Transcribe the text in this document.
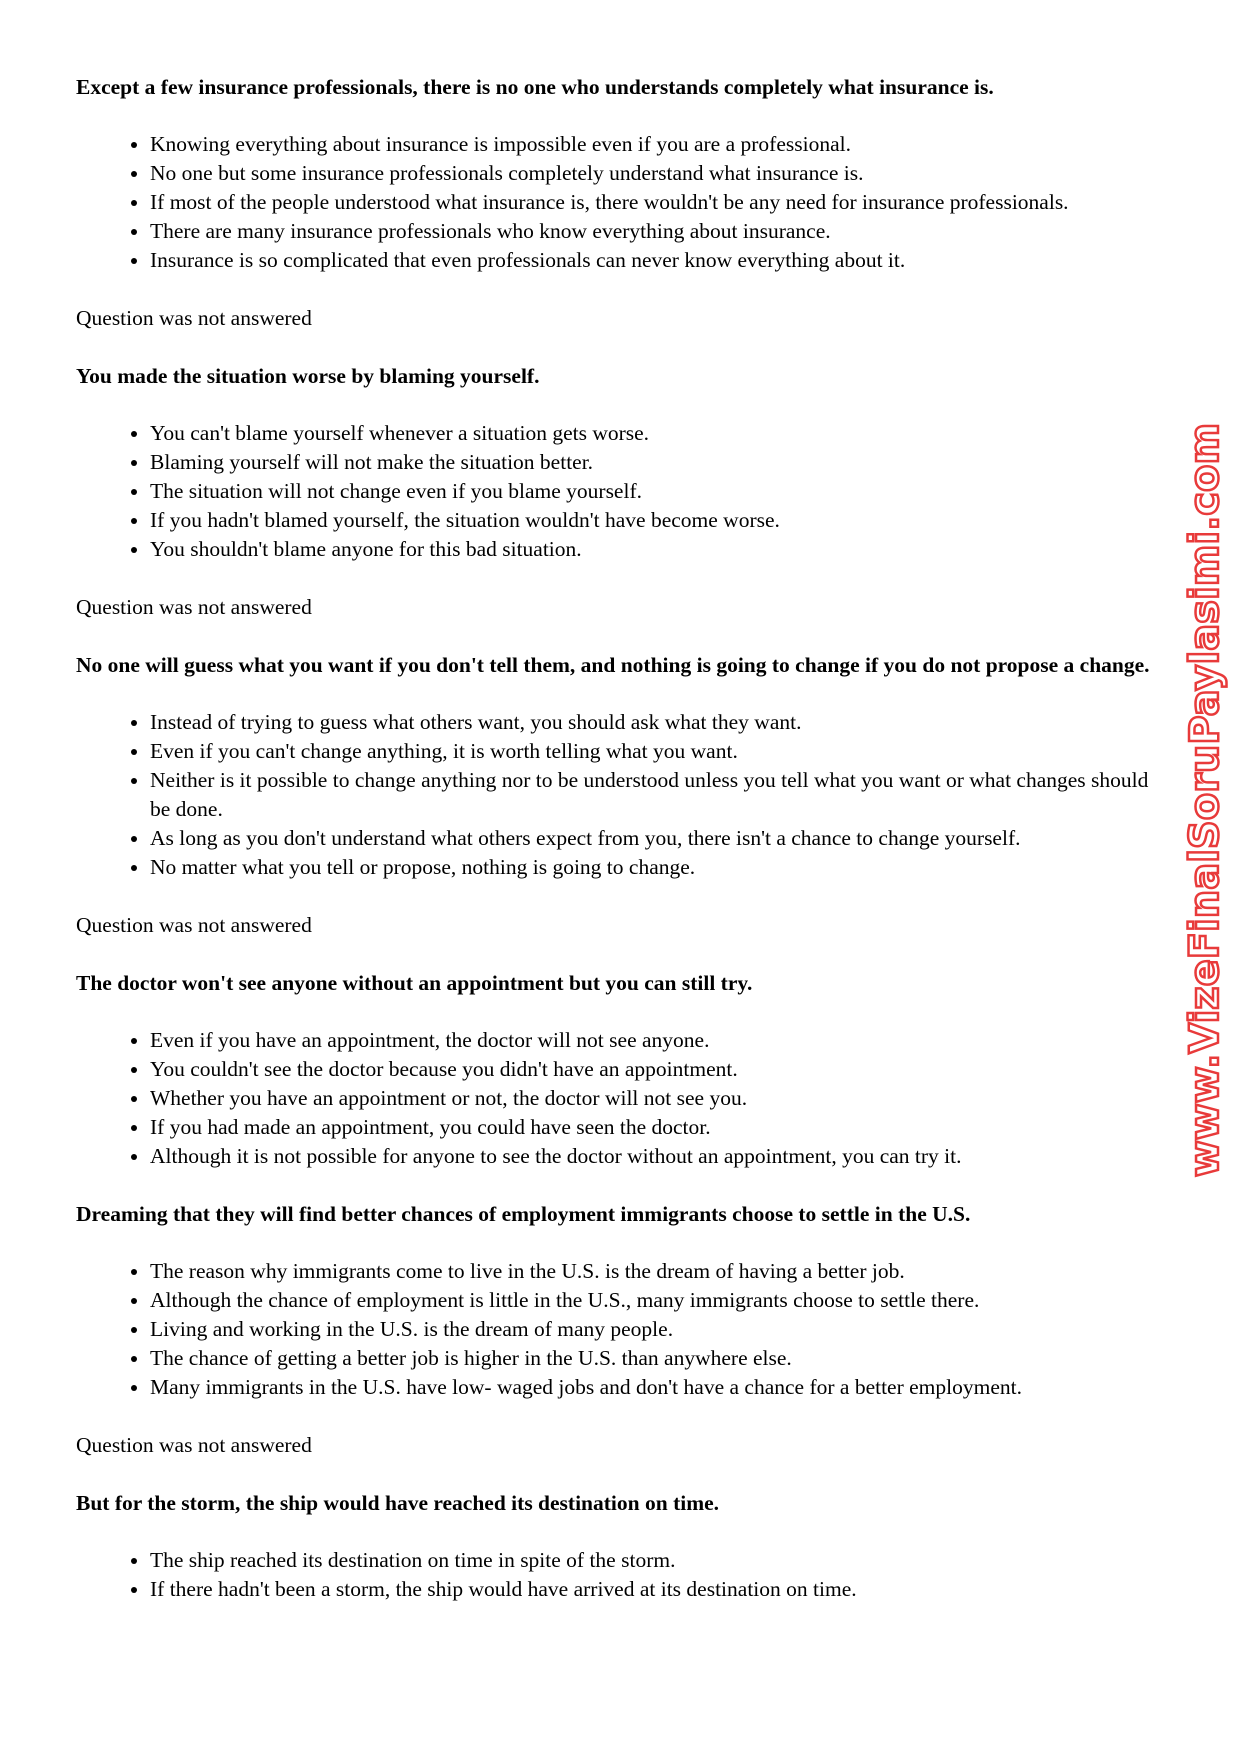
Except a few insurance professionals, there is no one who understands completely what insurance is.

• Knowing everything about insurance is impossible even if you are a professional.
• No one but some insurance professionals completely understand what insurance is.
• If most of the people understood what insurance is, there wouldn't be any need for insurance professionals.
• There are many insurance professionals who know everything about insurance.
• Insurance is so complicated that even professionals can never know everything about it.

Question was not answered

You made the situation worse by blaming yourself.

• You can't blame yourself whenever a situation gets worse.
• Blaming yourself will not make the situation better.
• The situation will not change even if you blame yourself.
• If you hadn't blamed yourself, the situation wouldn't have become worse.
• You shouldn't blame anyone for this bad situation.

Question was not answered

No one will guess what you want if you don't tell them, and nothing is going to change if you do not propose a change.

• Instead of trying to guess what others want, you should ask what they want.
• Even if you can't change anything, it is worth telling what you want.
• Neither is it possible to change anything nor to be understood unless you tell what you want or what changes should be done.
• As long as you don't understand what others expect from you, there isn't a chance to change yourself.
• No matter what you tell or propose, nothing is going to change.

Question was not answered

The doctor won't see anyone without an appointment but you can still try.

• Even if you have an appointment, the doctor will not see anyone.
• You couldn't see the doctor because you didn't have an appointment.
• Whether you have an appointment or not, the doctor will not see you.
• If you had made an appointment, you could have seen the doctor.
• Although it is not possible for anyone to see the doctor without an appointment, you can try it.

Dreaming that they will find better chances of employment immigrants choose to settle in the U.S.

• The reason why immigrants come to live in the U.S. is the dream of having a better job.
• Although the chance of employment is little in the U.S., many immigrants choose to settle there.
• Living and working in the U.S. is the dream of many people.
• The chance of getting a better job is higher in the U.S. than anywhere else.
• Many immigrants in the U.S. have low- waged jobs and don't have a chance for a better employment.

Question was not answered

But for the storm, the ship would have reached its destination on time.

• The ship reached its destination on time in spite of the storm.
• If there hadn't been a storm, the ship would have arrived at its destination on time.
www.VizeFinalSoruPaylasimi.com
